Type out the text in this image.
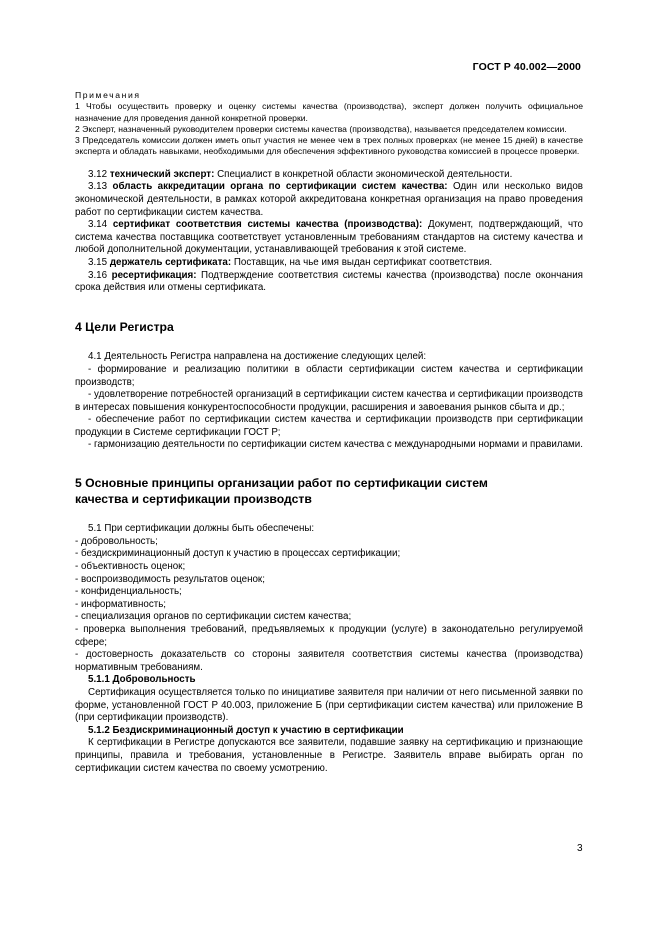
ГОСТ Р 40.002—2000

Примечания

1 Чтобы осуществить проверку и оценку системы качества (производства), эксперт должен получить официальное назначение для проведения данной конкретной проверки.

2 Эксперт, назначенный руководителем проверки системы качества (производства), называется председателем комиссии.

3 Председатель комиссии должен иметь опыт участия не менее чем в трех полных проверках (не менее 15 дней) в качестве эксперта и обладать навыками, необходимыми для обеспечения эффективного руководства комиссией в процессе проверки.

3.12 технический эксперт: Специалист в конкретной области экономической деятельности.

3.13 область аккредитации органа по сертификации систем качества: Один или несколько видов экономической деятельности, в рамках которой аккредитована конкретная организация на право проведения работ по сертификации систем качества.

3.14 сертификат соответствия системы качества (производства): Документ, подтверждающий, что система качества поставщика соответствует установленным требованиям стандартов на систему качества и любой дополнительной документации, устанавливающей требования к этой системе.

3.15 держатель сертификата: Поставщик, на чье имя выдан сертификат соответствия.

3.16 ресертификация: Подтверждение соответствия системы качества (производства) после окончания срока действия или отмены сертификата.

4 Цели Регистра

4.1 Деятельность Регистра направлена на достижение следующих целей:

- формирование и реализацию политики в области сертификации систем качества и сертификации производств;

- удовлетворение потребностей организаций в сертификации систем качества и сертификации производств в интересах повышения конкурентоспособности продукции, расширения и завоевания рынков сбыта и др.;

- обеспечение работ по сертификации систем качества и сертификации производств при сертификации продукции в Системе сертификации ГОСТ Р;

- гармонизацию деятельности по сертификации систем качества с международными нормами и правилами.

5 Основные принципы организации работ по сертификации систем
качества и сертификации производств

5.1 При сертификации должны быть обеспечены:

- добровольность;

- бездискриминационный доступ к участию в процессах сертификации;

- объективность оценок;

- воспроизводимость результатов оценок;

- конфиденциальность;

- информативность;

- специализация органов по сертификации систем качества;

- проверка выполнения требований, предъявляемых к продукции (услуге) в законодательно регулируемой сфере;

- достоверность доказательств со стороны заявителя соответствия системы качества (производства) нормативным требованиям.

5.1.1 Добровольность

Сертификация осуществляется только по инициативе заявителя при наличии от него письменной заявки по форме, установленной ГОСТ Р 40.003, приложение Б (при сертификации систем качества) или приложение В (при сертификации производств).

5.1.2 Бездискриминационный доступ к участию в сертификации

К сертификации в Регистре допускаются все заявители, подавшие заявку на сертификацию и признающие принципы, правила и требования, установленные в Регистре. Заявитель вправе выбирать орган по сертификации систем качества по своему усмотрению.

3
